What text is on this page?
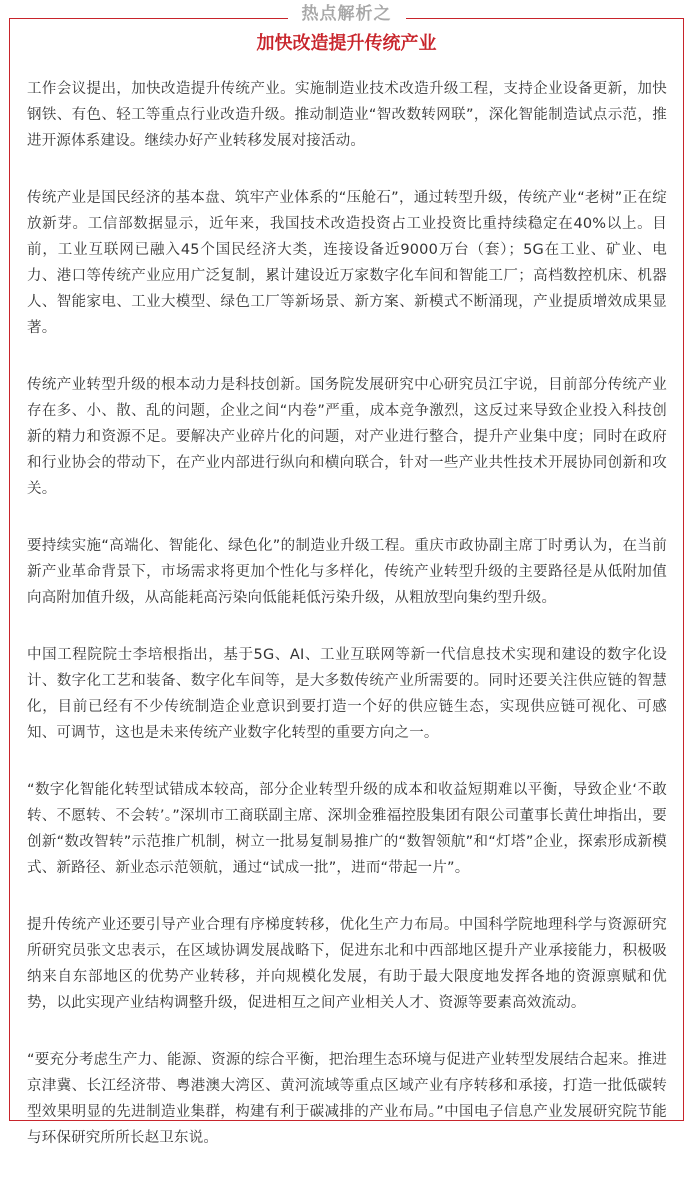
热点解析之
加快改造提升传统产业

工作会议提出，加快改造提升传统产业。实施制造业技术改造升级工程，支持企业设备更新，加快钢铁、有色、轻工等重点行业改造升级。推动制造业“智改数转网联”，深化智能制造试点示范，推进开源体系建设。继续办好产业转移发展对接活动。

传统产业是国民经济的基本盘、筑牢产业体系的“压舱石”，通过转型升级，传统产业“老树”正在绽放新芽。工信部数据显示，近年来，我国技术改造投资占工业投资比重持续稳定在40%以上。目前，工业互联网已融入45个国民经济大类，连接设备近9000万台（套）；5G在工业、矿业、电力、港口等传统产业应用广泛复制，累计建设近万家数字化车间和智能工厂；高档数控机床、机器人、智能家电、工业大模型、绿色工厂等新场景、新方案、新模式不断涌现，产业提质增效成果显著。

传统产业转型升级的根本动力是科技创新。国务院发展研究中心研究员江宇说，目前部分传统产业存在多、小、散、乱的问题，企业之间“内卷”严重，成本竞争激烈，这反过来导致企业投入科技创新的精力和资源不足。要解决产业碎片化的问题，对产业进行整合，提升产业集中度；同时在政府和行业协会的带动下，在产业内部进行纵向和横向联合，针对一些产业共性技术开展协同创新和攻关。

要持续实施“高端化、智能化、绿色化”的制造业升级工程。重庆市政协副主席丁时勇认为，在当前新产业革命背景下，市场需求将更加个性化与多样化，传统产业转型升级的主要路径是从低附加值向高附加值升级，从高能耗高污染向低能耗低污染升级，从粗放型向集约型升级。

中国工程院院士李培根指出，基于5G、AI、工业互联网等新一代信息技术实现和建设的数字化设计、数字化工艺和装备、数字化车间等，是大多数传统产业所需要的。同时还要关注供应链的智慧化，目前已经有不少传统制造企业意识到要打造一个好的供应链生态，实现供应链可视化、可感知、可调节，这也是未来传统产业数字化转型的重要方向之一。

“数字化智能化转型试错成本较高，部分企业转型升级的成本和收益短期难以平衡，导致企业‘不敢转、不愿转、不会转’。”深圳市工商联副主席、深圳金雅福控股集团有限公司董事长黄仕坤指出，要创新“数改智转”示范推广机制，树立一批易复制易推广的“数智领航”和“灯塔”企业，探索形成新模式、新路径、新业态示范领航，通过“试成一批”，进而“带起一片”。

提升传统产业还要引导产业合理有序梯度转移，优化生产力布局。中国科学院地理科学与资源研究所研究员张文忠表示，在区域协调发展战略下，促进东北和中西部地区提升产业承接能力，积极吸纳来自东部地区的优势产业转移，并向规模化发展，有助于最大限度地发挥各地的资源禀赋和优势，以此实现产业结构调整升级，促进相互之间产业相关人才、资源等要素高效流动。

“要充分考虑生产力、能源、资源的综合平衡，把治理生态环境与促进产业转型发展结合起来。推进京津冀、长江经济带、粤港澳大湾区、黄河流域等重点区域产业有序转移和承接，打造一批低碳转型效果明显的先进制造业集群，构建有利于碳减排的产业布局。”中国电子信息产业发展研究院节能与环保研究所所长赵卫东说。
